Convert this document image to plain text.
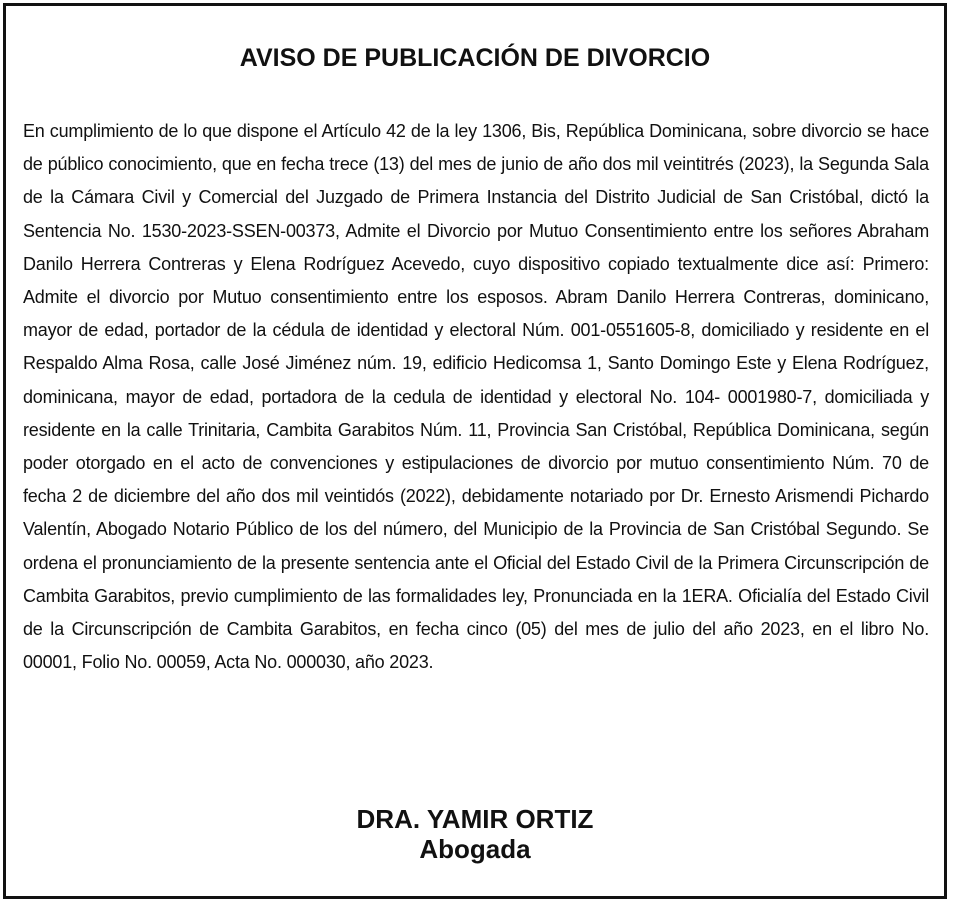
AVISO DE PUBLICACIÓN DE DIVORCIO

En cumplimiento de lo que dispone el Artículo 42 de la ley 1306, Bis, República Dominicana, sobre divorcio se hace de público conocimiento, que en fecha trece (13) del mes de junio de año dos mil veintitrés (2023), la Segunda Sala de la Cámara Civil y Comercial del Juzgado de Primera Instancia del Distrito Judicial de San Cristóbal, dictó la Sentencia No. 1530-2023-SSEN-00373, Admite el Divorcio por Mutuo Consentimiento entre los señores Abraham Danilo Herrera Contreras y Elena Rodríguez Acevedo, cuyo dispositivo copiado textualmente dice así: Primero: Admite el divorcio por Mutuo consentimiento entre los esposos. Abram Danilo Herrera Contreras, dominicano, mayor de edad, portador de la cédula de identidad y electoral Núm. 001-0551605-8, domiciliado y residente en el Respaldo Alma Rosa, calle José Jiménez núm. 19, edificio Hedicomsa 1, Santo Domingo Este y Elena Rodríguez, dominicana, mayor de edad, portadora de la cedula de identidad y electoral No. 104- 0001980-7, domiciliada y residente en la calle Trinitaria, Cambita Garabitos Núm. 11, Provincia San Cristóbal, República Dominicana, según poder otorgado en el acto de convenciones y estipulaciones de divorcio por mutuo consentimiento Núm. 70 de fecha 2 de diciembre del año dos mil veintidós (2022), debidamente notariado por Dr. Ernesto Arismendi Pichardo Valentín, Abogado Notario Público de los del número, del Municipio de la Provincia de San Cristóbal Segundo. Se ordena el pronunciamiento de la presente sentencia ante el Oficial del Estado Civil de la Primera Circunscripción de Cambita Garabitos, previo cumplimiento de las formalidades ley, Pronunciada en la 1ERA. Oficialía del Estado Civil de la Circunscripción de Cambita Garabitos, en fecha cinco (05) del mes de julio del año 2023, en el libro No. 00001, Folio No. 00059, Acta No. 000030, año 2023.

DRA. YAMIR ORTIZ
Abogada
